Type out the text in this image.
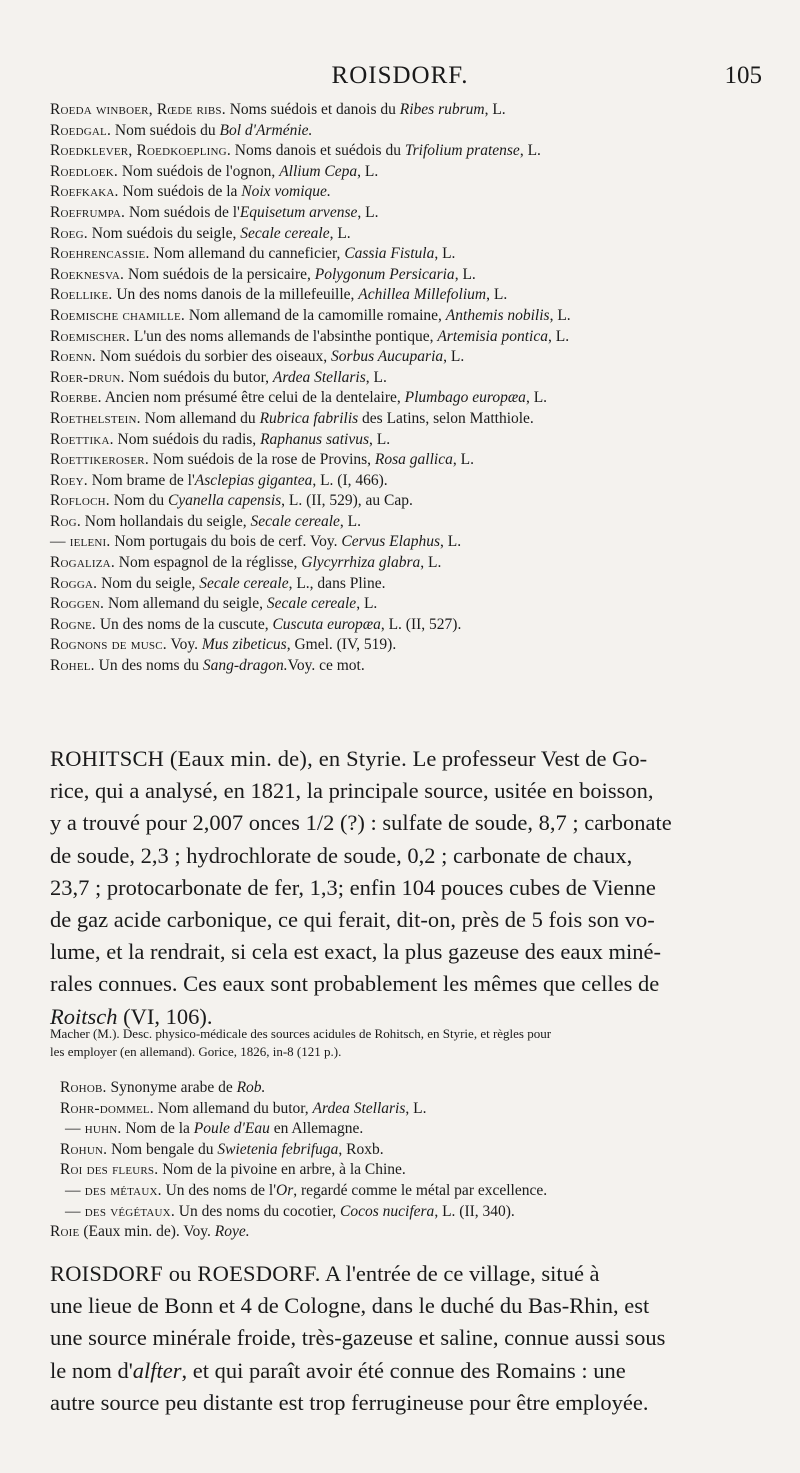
ROISDORF.	105
Roeda winboer, Rœde ribs. Noms suédois et danois du Ribes rubrum, L.
Roedgal. Nom suédois du Bol d'Arménie.
Roedklever, Roedkoepling. Noms danois et suédois du Trifolium pratense, L.
Roedloek. Nom suédois de l'ognon, Allium Cepa, L.
Roefkaka. Nom suédois de la Noix vomique.
Roefrumpa. Nom suédois de l'Equisetum arvense, L.
Roeg. Nom suédois du seigle, Secale cereale, L.
Roehrencassie. Nom allemand du canneficier, Cassia Fistula, L.
Roeknesva. Nom suédois de la persicaire, Polygonum Persicaria, L.
Roellike. Un des noms danois de la millefeuille, Achillea Millefolium, L.
Roemische chamille. Nom allemand de la camomille romaine, Anthemis nobilis, L.
Roemischer. L'un des noms allemands de l'absinthe pontique, Artemisia pontica, L.
Roenn. Nom suédois du sorbier des oiseaux, Sorbus Aucuparia, L.
Roer-drun. Nom suédois du butor, Ardea Stellaris, L.
Roerbe. Ancien nom présumé être celui de la dentelaire, Plumbago europæa, L.
Roethelstein. Nom allemand du Rubrica fabrilis des Latins, selon Matthiole.
Roettika. Nom suédois du radis, Raphanus sativus, L.
Roettikeroser. Nom suédois de la rose de Provins, Rosa gallica, L.
Roey. Nom brame de l'Asclepias gigantea, L. (I, 466).
Rofloch. Nom du Cyanella capensis, L. (II, 529), au Cap.
Rog. Nom hollandais du seigle, Secale cereale, L.
— ieleni. Nom portugais du bois de cerf. Voy. Cervus Elaphus, L.
Rogaliza. Nom espagnol de la réglisse, Glycyrrhiza glabra, L.
Rogga. Nom du seigle, Secale cereale, L., dans Pline.
Roggen. Nom allemand du seigle, Secale cereale, L.
Rogne. Un des noms de la cuscute, Cuscuta europæa, L. (II, 527).
Rognons de musc. Voy. Mus zibeticus, Gmel. (IV, 519).
Rohel. Un des noms du Sang-dragon.Voy. ce mot.
ROHITSCH (Eaux min. de), en Styrie. Le professeur Vest de Go-
rice, qui a analysé, en 1821, la principale source, usitée en boisson,
y a trouvé pour 2,007 onces 1/2 (?) : sulfate de soude, 8,7 ; carbonate
de soude, 2,3 ; hydrochlorate de soude, 0,2 ; carbonate de chaux,
23,7 ; protocarbonate de fer, 1,3; enfin 104 pouces cubes de Vienne
de gaz acide carbonique, ce qui ferait, dit-on, près de 5 fois son vo-
lume, et la rendrait, si cela est exact, la plus gazeuse des eaux miné-
rales connues. Ces eaux sont probablement les mêmes que celles de
Roitsch (VI, 106).
Macher (M.). Desc. physico-médicale des sources acidules de Rohitsch, en Styrie, et règles pour
les employer (en allemand). Gorice, 1826, in-8 (121 p.).
Rohob. Synonyme arabe de Rob.
Rohr-dommel. Nom allemand du butor, Ardea Stellaris, L.
— huhn. Nom de la Poule d'Eau en Allemagne.
Rohun. Nom bengale du Swietenia febrifuga, Roxb.
Roi des fleurs. Nom de la pivoine en arbre, à la Chine.
— des métaux. Un des noms de l'Or, regardé comme le métal par excellence.
— des végétaux. Un des noms du cocotier, Cocos nucifera, L. (II, 340).
Roie (Eaux min. de). Voy. Roye.
ROISDORF ou ROESDORF. A l'entrée de ce village, situé à
une lieue de Bonn et 4 de Cologne, dans le duché du Bas-Rhin, est
une source minérale froide, très-gazeuse et saline, connue aussi sous
le nom d'alfter, et qui paraît avoir été connue des Romains : une
autre source peu distante est trop ferrugineuse pour être employée.
